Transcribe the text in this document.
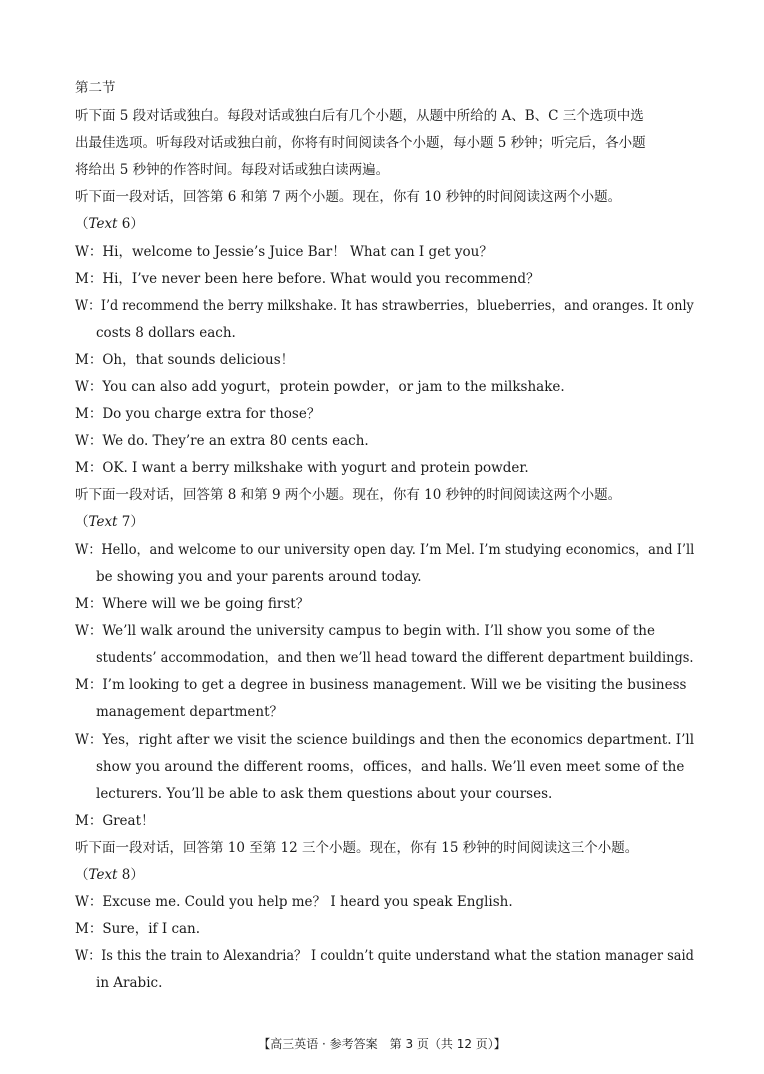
第二节
听下面 5 段对话或独白。每段对话或独白后有几个小题，从题中所给的 A、B、C 三个选项中选
出最佳选项。听每段对话或独白前，你将有时间阅读各个小题，每小题 5 秒钟；听完后，各小题
将给出 5 秒钟的作答时间。每段对话或独白读两遍。
听下面一段对话，回答第 6 和第 7 两个小题。现在，你有 10 秒钟的时间阅读这两个小题。
（Text 6）
W：Hi，welcome to Jessie’s Juice Bar！ What can I get you？
M：Hi，I’ve never been here before. What would you recommend？
W：I’d recommend the berry milkshake. It has strawberries，blueberries，and oranges. It only
costs 8 dollars each.
M：Oh，that sounds delicious！
W：You can also add yogurt，protein powder，or jam to the milkshake.
M：Do you charge extra for those？
W：We do. They’re an extra 80 cents each.
M：OK. I want a berry milkshake with yogurt and protein powder.
听下面一段对话，回答第 8 和第 9 两个小题。现在，你有 10 秒钟的时间阅读这两个小题。
（Text 7）
W：Hello，and welcome to our university open day. I’m Mel. I’m studying economics，and I’ll
be showing you and your parents around today.
M：Where will we be going first？
W：We’ll walk around the university campus to begin with. I’ll show you some of the
students’ accommodation，and then we’ll head toward the different department buildings.
M：I’m looking to get a degree in business management. Will we be visiting the business
management department？
W：Yes，right after we visit the science buildings and then the economics department. I’ll
show you around the different rooms，offices，and halls. We’ll even meet some of the
lecturers. You’ll be able to ask them questions about your courses.
M：Great！
听下面一段对话，回答第 10 至第 12 三个小题。现在，你有 15 秒钟的时间阅读这三个小题。
（Text 8）
W：Excuse me. Could you help me？ I heard you speak English.
M：Sure，if I can.
W：Is this the train to Alexandria？ I couldn’t quite understand what the station manager said
in Arabic.
【高三英语 · 参考答案　第 3 页（共 12 页）】
